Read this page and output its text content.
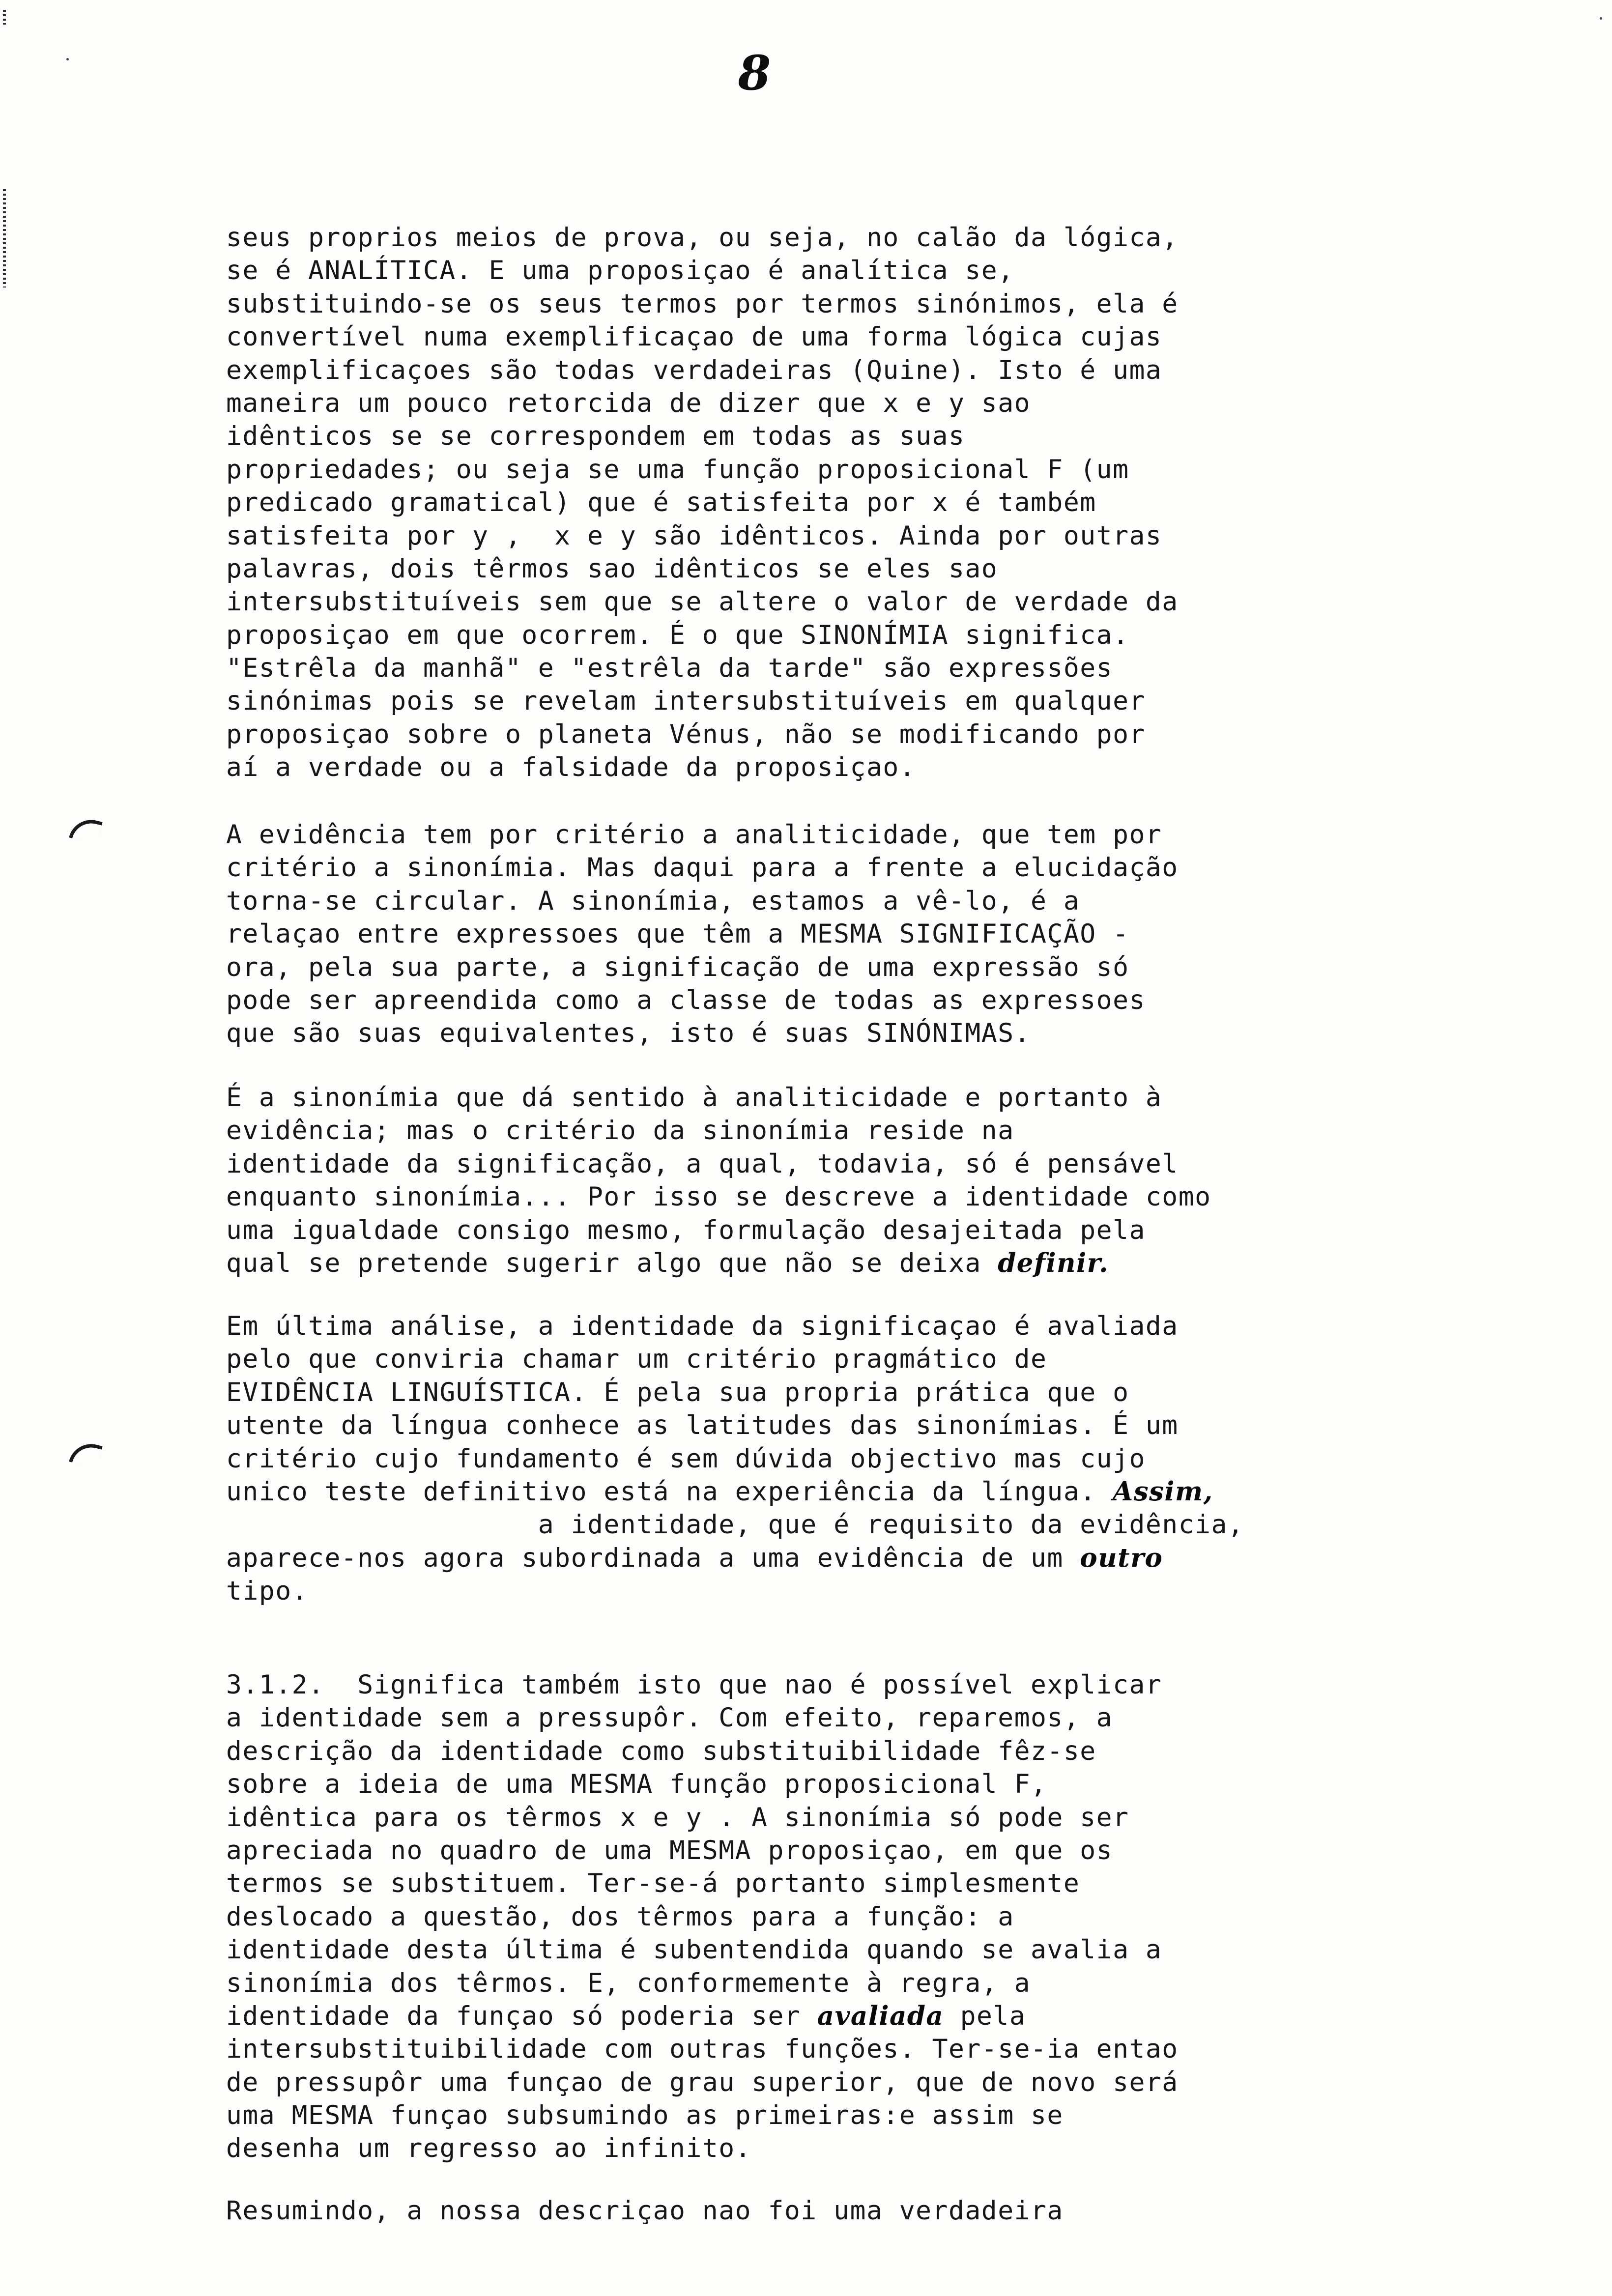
8
seus proprios meios de prova, ou seja, no calão da lógica,
se é ANALÍTICA. E uma proposiçao é analítica se,
substituindo-se os seus termos por termos sinónimos, ela é
convertível numa exemplificaçao de uma forma lógica cujas
exemplificaçoes são todas verdadeiras (Quine). Isto é uma
maneira um pouco retorcida de dizer que x e y sao
idênticos se se correspondem em todas as suas
propriedades; ou seja se uma função proposicional F (um
predicado gramatical) que é satisfeita por x é também
satisfeita por y ,  x e y são idênticos. Ainda por outras
palavras, dois têrmos sao idênticos se eles sao
intersubstituíveis sem que se altere o valor de verdade da
proposiçao em que ocorrem. É o que SINONÍMIA significa.
"Estrêla da manhã" e "estrêla da tarde" são expressões
sinónimas pois se revelam intersubstituíveis em qualquer
proposiçao sobre o planeta Vénus, não se modificando por
aí a verdade ou a falsidade da proposiçao.
A evidência tem por critério a analiticidade, que tem por
critério a sinonímia. Mas daqui para a frente a elucidação
torna-se circular. A sinonímia, estamos a vê-lo, é a
relaçao entre expressoes que têm a MESMA SIGNIFICAÇÃO -
ora, pela sua parte, a significação de uma expressão só
pode ser apreendida como a classe de todas as expressoes
que são suas equivalentes, isto é suas SINÓNIMAS.
É a sinonímia que dá sentido à analiticidade e portanto à
evidência; mas o critério da sinonímia reside na
identidade da significação, a qual, todavia, só é pensável
enquanto sinonímia... Por isso se descreve a identidade como
uma igualdade consigo mesmo, formulação desajeitada pela
qual se pretende sugerir algo que não se deixa definir.
Em última análise, a identidade da significaçao é avaliada
pelo que conviria chamar um critério pragmático de
EVIDÊNCIA LINGUÍSTICA. É pela sua propria prática que o
utente da língua conhece as latitudes das sinonímias. É um
critério cujo fundamento é sem dúvida objectivo mas cujo
unico teste definitivo está na experiência da língua. Assim,
a identidade, que é requisito da evidência,
aparece-nos agora subordinada a uma evidência de um outro
tipo.
3.1.2.  Significa também isto que nao é possível explicar
a identidade sem a pressupôr. Com efeito, reparemos, a
descrição da identidade como substituibilidade fêz-se
sobre a ideia de uma MESMA função proposicional F,
idêntica para os têrmos x e y . A sinonímia só pode ser
apreciada no quadro de uma MESMA proposiçao, em que os
termos se substituem. Ter-se-á portanto simplesmente
deslocado a questão, dos têrmos para a função: a
identidade desta última é subentendida quando se avalia a
sinonímia dos têrmos. E, conformemente à regra, a
identidade da funçao só poderia ser avaliada pela
intersubstituibilidade com outras funções. Ter-se-ia entao
de pressupôr uma funçao de grau superior, que de novo será
uma MESMA funçao subsumindo as primeiras:e assim se
desenha um regresso ao infinito.
Resumindo, a nossa descriçao nao foi uma verdadeira
